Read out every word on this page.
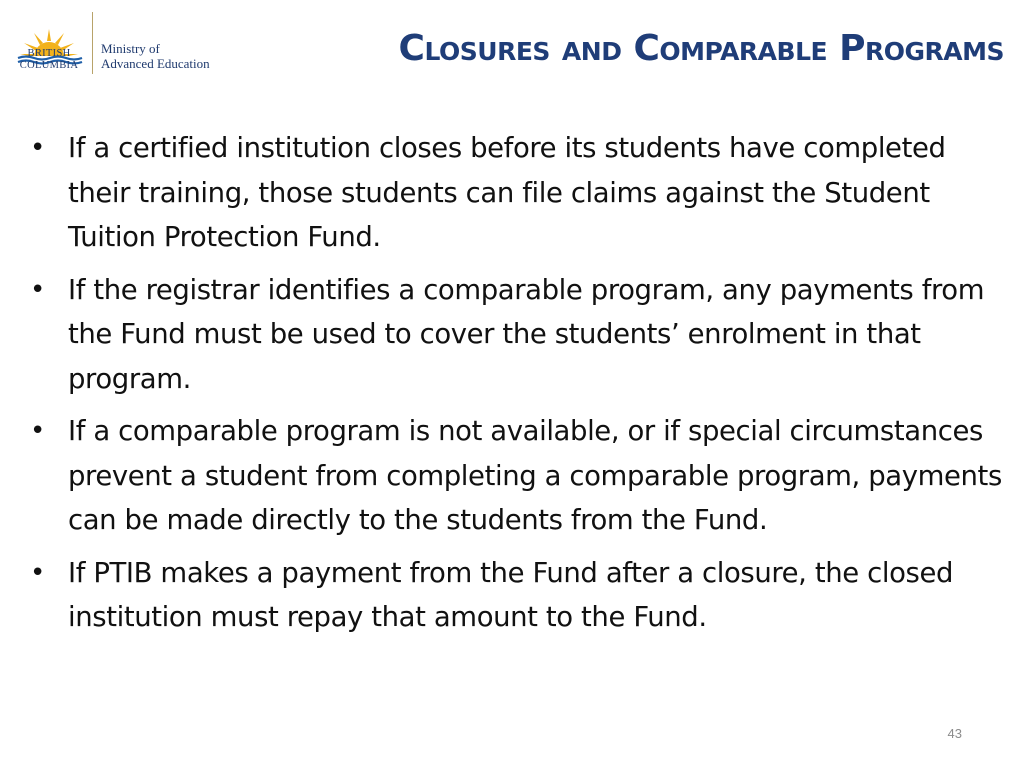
BRITISH
COLUMBIA
Ministry of
Advanced Education	Closures and Comparable Programs
• If a certified institution closes before its students have completed their training, those students can file claims against the Student Tuition Protection Fund.
• If the registrar identifies a comparable program, any payments from the Fund must be used to cover the students’ enrolment in that program.
• If a comparable program is not available, or if special circumstances prevent a student from completing a comparable program, payments can be made directly to the students from the Fund.
• If PTIB makes a payment from the Fund after a closure, the closed institution must repay that amount to the Fund.
43
